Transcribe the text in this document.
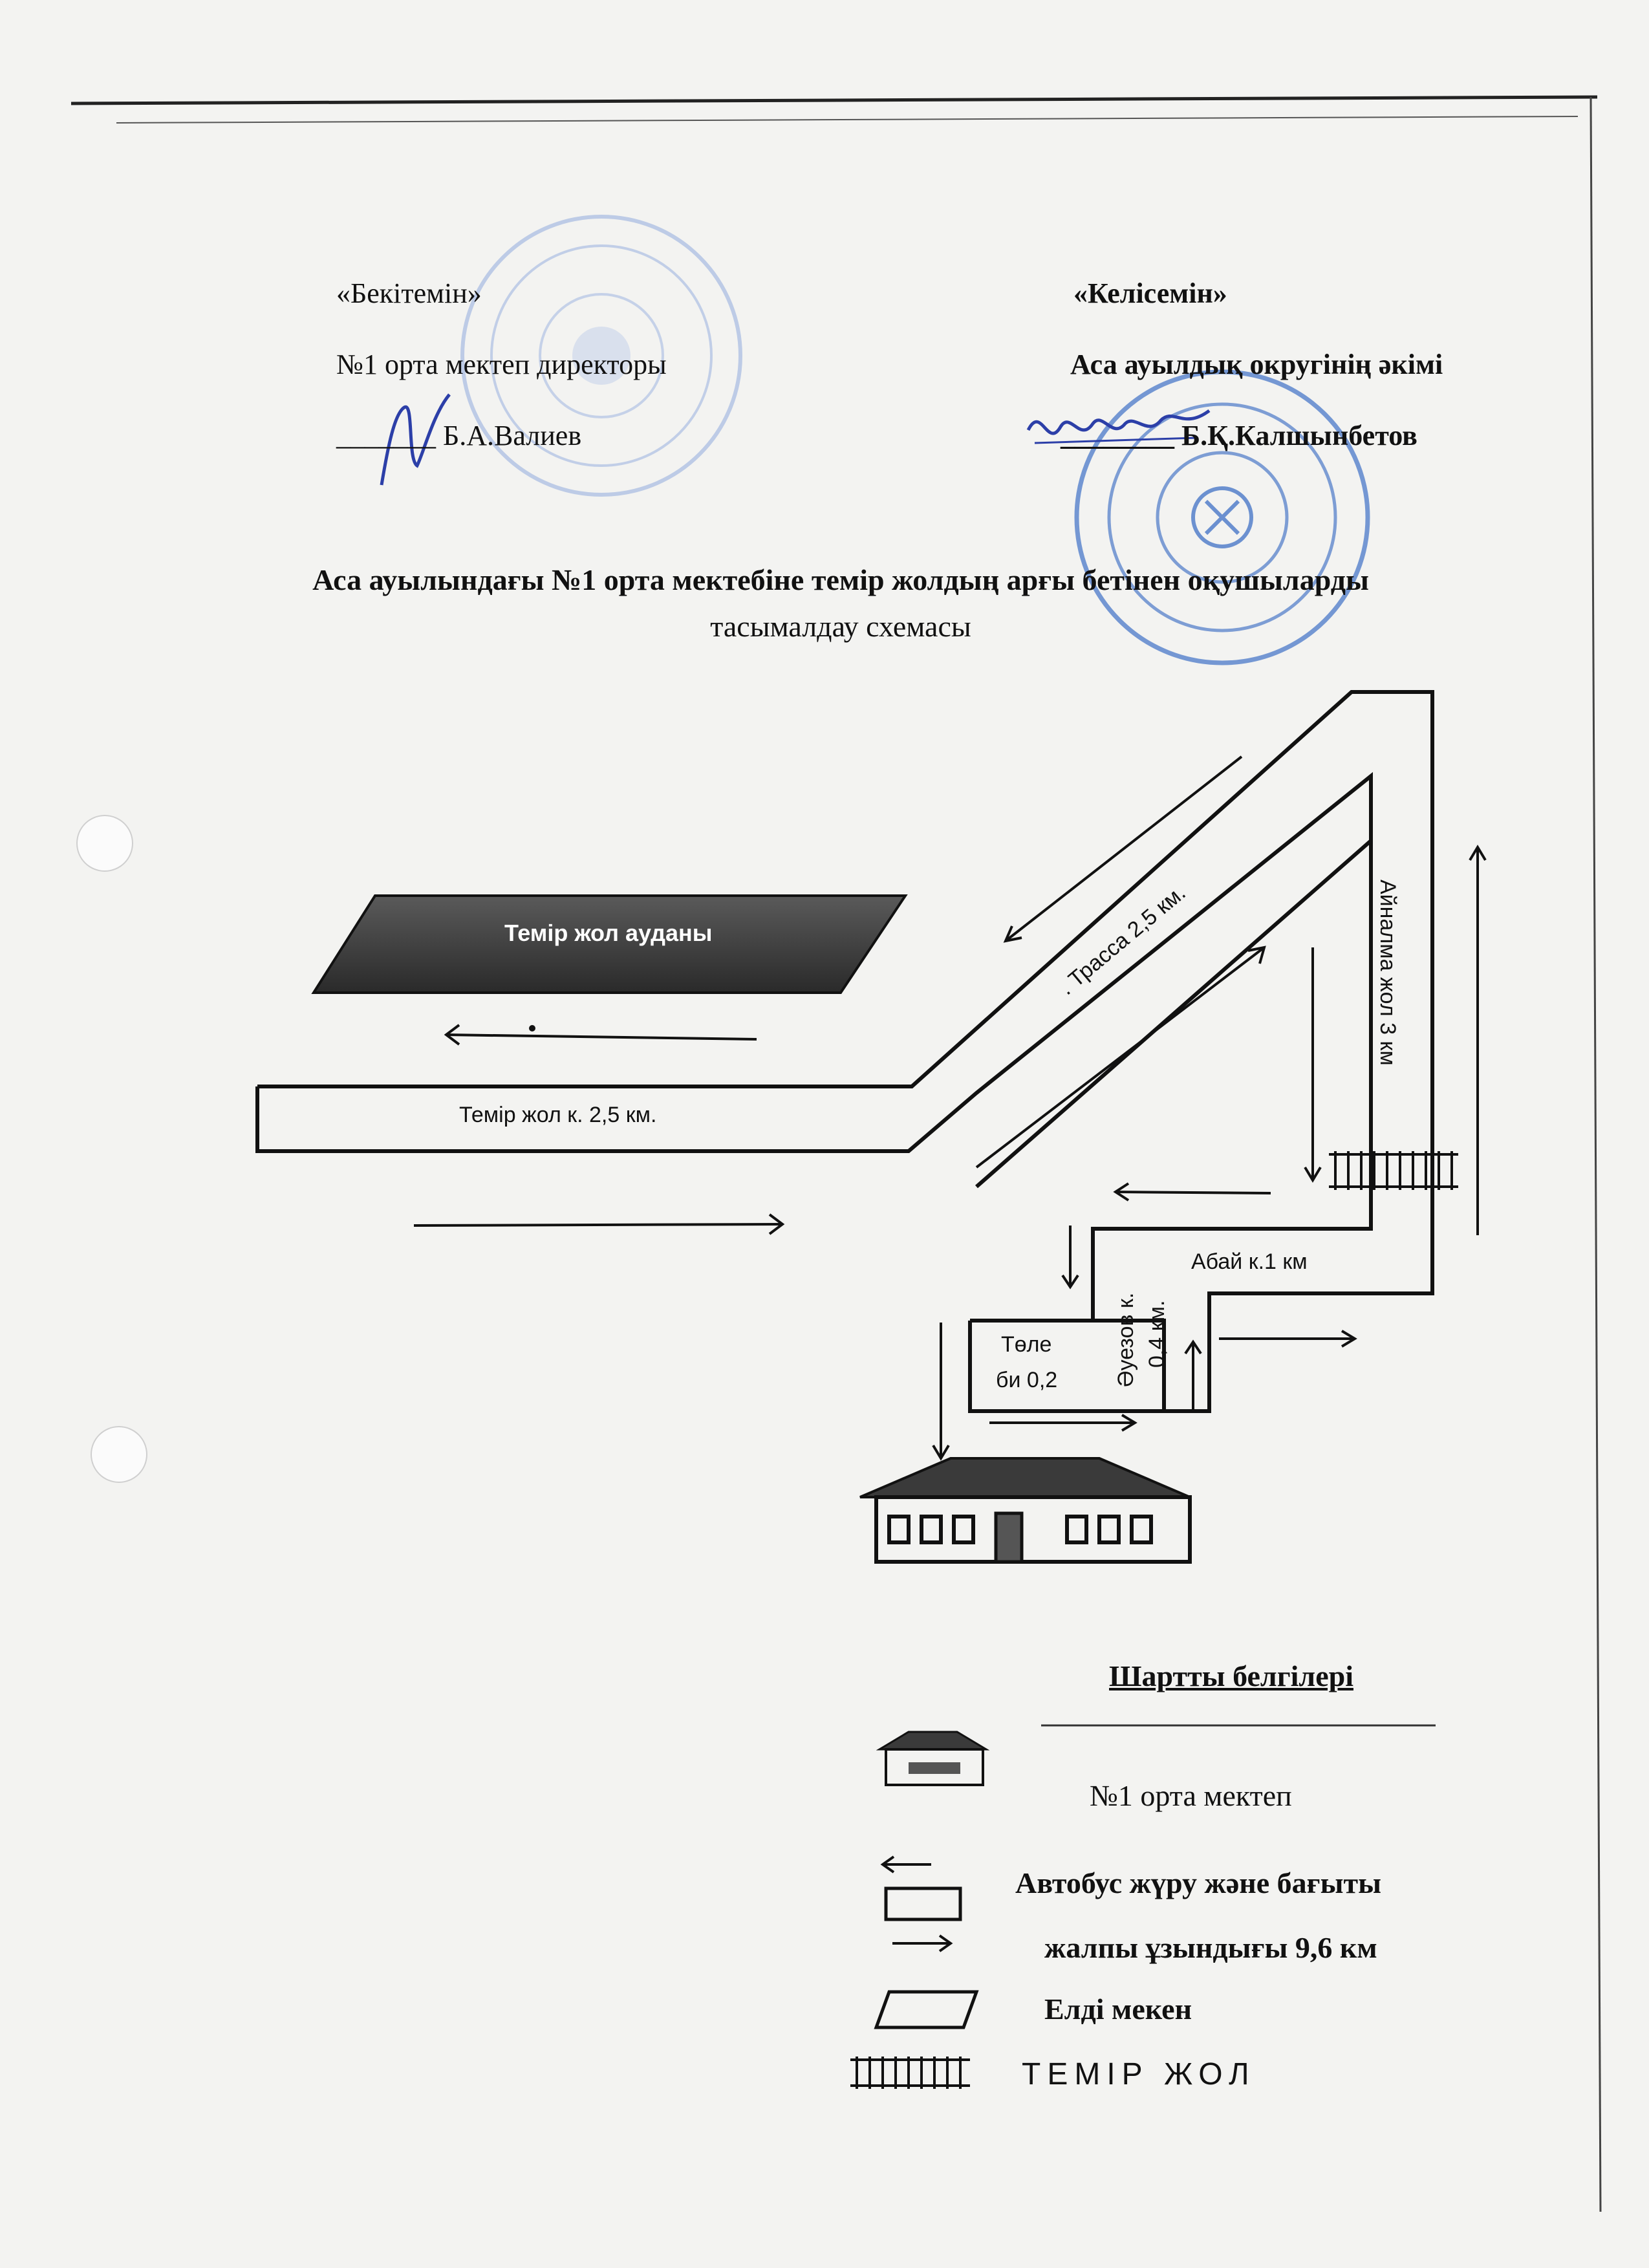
«Бекітемін»
№1 орта мектеп директоры
_______ Б.А.Валиев
«Келісемін»
Аса ауылдық округінің әкімі
________ Б.Қ.Калшынбетов
Аса ауылындағы №1 орта мектебіне темір жолдың арғы бетінен оқушыларды
тасымалдау схемасы
Темір жол ауданы
Темір жол к. 2,5 км.
. Трасса 2,5 км.	Айналма жол 3 км
Абай к.1 км
Әуезов к. 0,4 км.
Төле
би 0,2
Шартты белгілері
№1 орта мектеп
Автобус жүру және бағыты
жалпы ұзындығы 9,6 км
Елді мекен
ТЕМІР ЖОЛ
